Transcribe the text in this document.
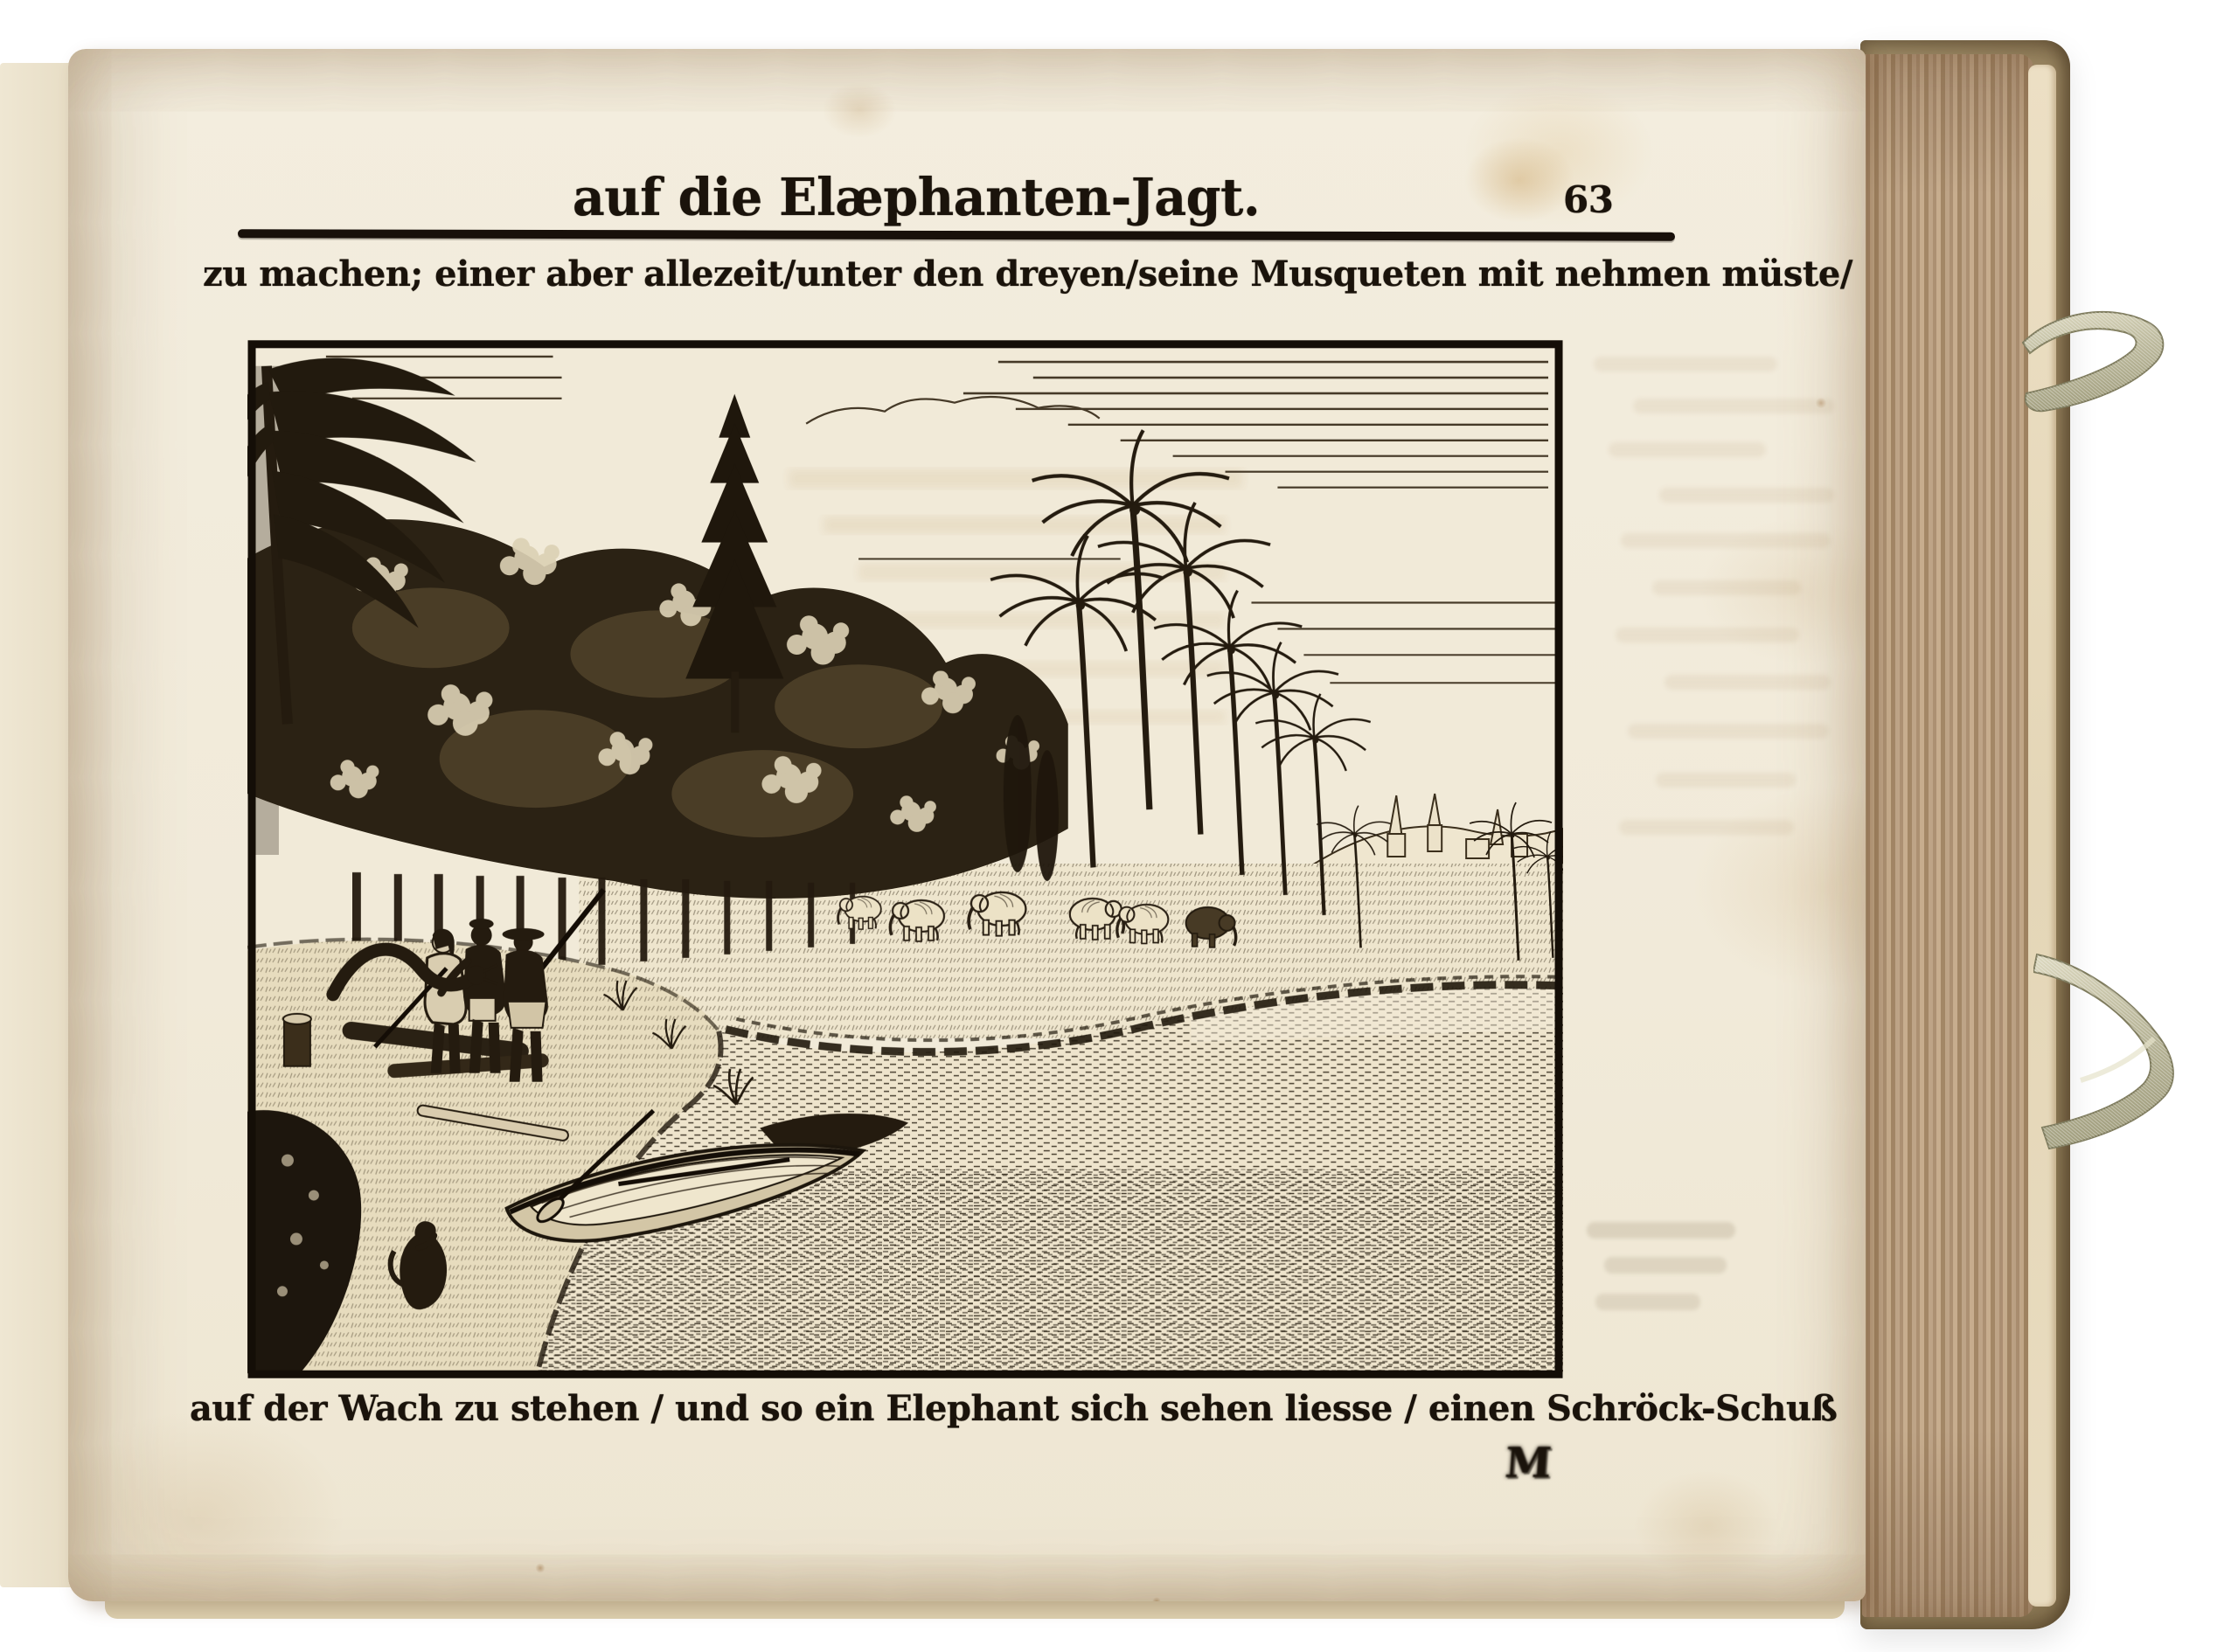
auf die Elæphanten-Jagt.	63
zu machen; einer aber allezeit/unter den dreyen/seine Musqueten mit nehmen müste/
auf der Wach zu stehen / und so ein Elephant sich sehen liesse / einen Schröck-Schuß
M
